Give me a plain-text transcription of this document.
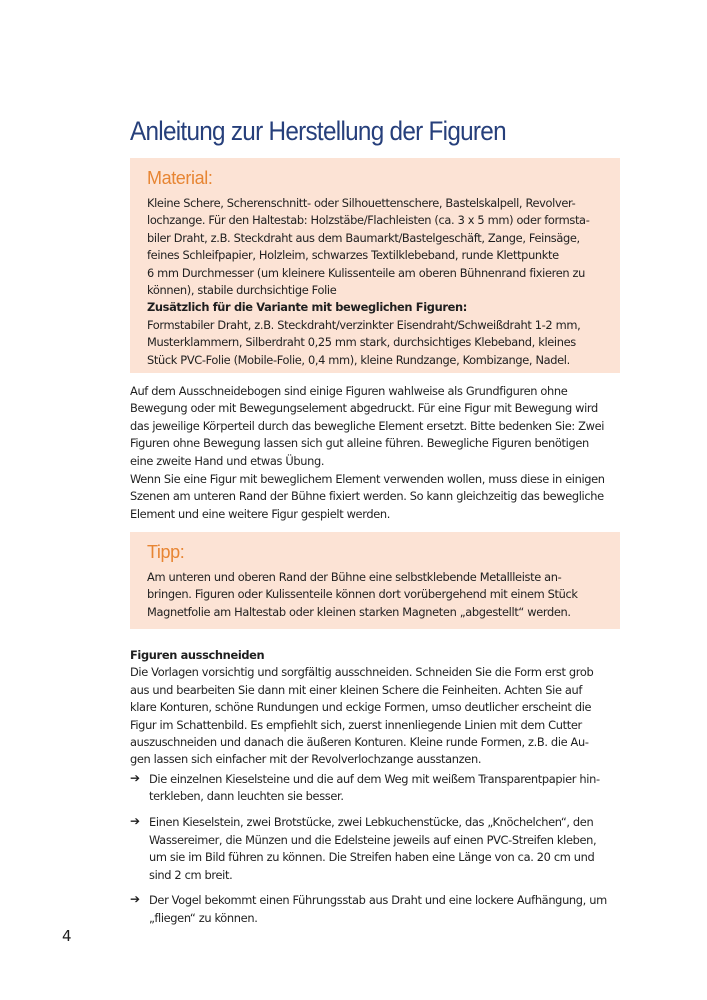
Anleitung zur Herstellung der Figuren
Material:
Kleine Schere, Scherenschnitt- oder Silhouettenschere, Bastelskalpell, Revolver-
lochzange. Für den Haltestab: Holzstäbe/Flachleisten (ca. 3 x 5 mm) oder formsta-
biler Draht, z.B. Steckdraht aus dem Baumarkt/Bastelgeschäft, Zange, Feinsäge,
feines Schleifpapier, Holzleim, schwarzes Textilklebeband, runde Klettpunkte
6 mm Durchmesser (um kleinere Kulissenteile am oberen Bühnenrand fixieren zu
können), stabile durchsichtige Folie
Zusätzlich für die Variante mit beweglichen Figuren:
Formstabiler Draht, z.B. Steckdraht/verzinkter Eisendraht/Schweißdraht 1-2 mm,
Musterklammern, Silberdraht 0,25 mm stark, durchsichtiges Klebeband, kleines
Stück PVC-Folie (Mobile-Folie, 0,4 mm), kleine Rundzange, Kombizange, Nadel.
Auf dem Ausschneidebogen sind einige Figuren wahlweise als Grundfiguren ohne
Bewegung oder mit Bewegungselement abgedruckt. Für eine Figur mit Bewegung wird
das jeweilige Körperteil durch das bewegliche Element ersetzt. Bitte bedenken Sie: Zwei
Figuren ohne Bewegung lassen sich gut alleine führen. Bewegliche Figuren benötigen
eine zweite Hand und etwas Übung.
Wenn Sie eine Figur mit beweglichem Element verwenden wollen, muss diese in einigen
Szenen am unteren Rand der Bühne fixiert werden. So kann gleichzeitig das bewegliche
Element und eine weitere Figur gespielt werden.
Tipp:
Am unteren und oberen Rand der Bühne eine selbstklebende Metallleiste an-
bringen. Figuren oder Kulissenteile können dort vorübergehend mit einem Stück
Magnetfolie am Haltestab oder kleinen starken Magneten „abgestellt“ werden.
Figuren ausschneiden
Die Vorlagen vorsichtig und sorgfältig ausschneiden. Schneiden Sie die Form erst grob
aus und bearbeiten Sie dann mit einer kleinen Schere die Feinheiten. Achten Sie auf
klare Konturen, schöne Rundungen und eckige Formen, umso deutlicher erscheint die
Figur im Schattenbild. Es empfiehlt sich, zuerst innenliegende Linien mit dem Cutter
auszuschneiden und danach die äußeren Konturen. Kleine runde Formen, z.B. die Au-
gen lassen sich einfacher mit der Revolverlochzange ausstanzen.
➔ Die einzelnen Kieselsteine und die auf dem Weg mit weißem Transparentpapier hin-
terkleben, dann leuchten sie besser.
➔ Einen Kieselstein, zwei Brotstücke, zwei Lebkuchenstücke, das „Knöchelchen“, den
Wassereimer, die Münzen und die Edelsteine jeweils auf einen PVC-Streifen kleben,
um sie im Bild führen zu können. Die Streifen haben eine Länge von ca. 20 cm und
sind 2 cm breit.
➔ Der Vogel bekommt einen Führungsstab aus Draht und eine lockere Aufhängung, um
„fliegen“ zu können.
4
